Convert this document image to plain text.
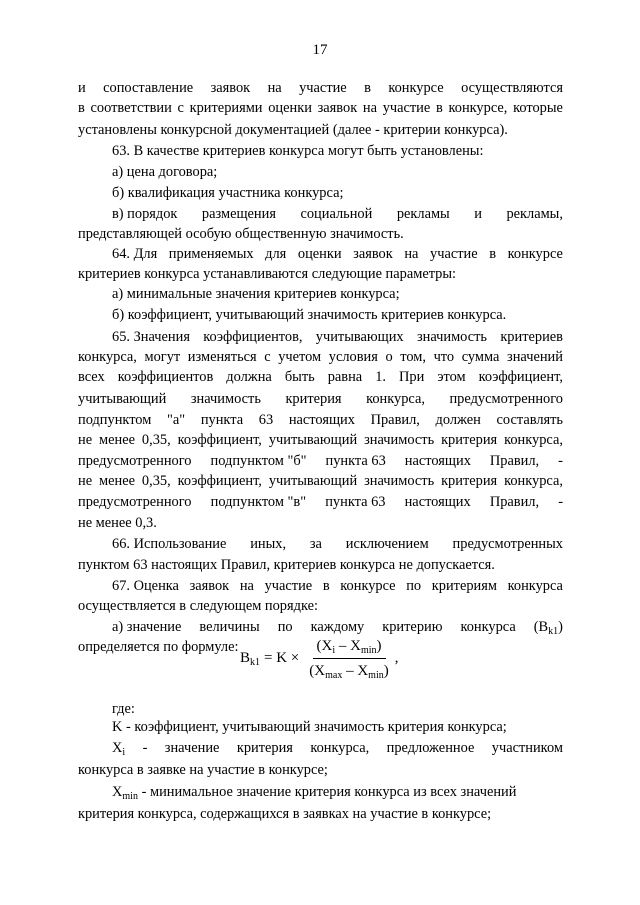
17
и сопоставление заявок на участие в конкурсе осуществляются
в соответствии с критериями оценки заявок на участие в конкурсе, которые
установлены конкурсной документацией (далее - критерии конкурса).
63. В качестве критериев конкурса могут быть установлены:
а) цена договора;
б) квалификация участника конкурса;
в) порядок размещения социальной рекламы и рекламы,
представляющей особую общественную значимость.
64. Для применяемых для оценки заявок на участие в конкурсе
критериев конкурса устанавливаются следующие параметры:
а) минимальные значения критериев конкурса;
б) коэффициент, учитывающий значимость критериев конкурса.
65. Значения коэффициентов, учитывающих значимость критериев
конкурса, могут изменяться с учетом условия о том, что сумма значений
всех коэффициентов должна быть равна 1. При этом коэффициент,
учитывающий значимость критерия конкурса, предусмотренного
подпунктом "а" пункта 63 настоящих Правил, должен составлять
не менее 0,35, коэффициент, учитывающий значимость критерия конкурса,
предусмотренного подпунктом "б" пункта 63 настоящих Правил, -
не менее 0,35, коэффициент, учитывающий значимость критерия конкурса,
предусмотренного подпунктом "в" пункта 63 настоящих Правил, -
не менее 0,3.
66. Использование иных, за исключением предусмотренных
пунктом 63 настоящих Правил, критериев конкурса не допускается.
67. Оценка заявок на участие в конкурсе по критериям конкурса
осуществляется в следующем порядке:
а) значение величины по каждому критерию конкурса $(B_{k1})$
определяется по формуле:
$B_{k1} = K \times \frac{(X_i - X_{min})}{(X_{max} - X_{min})}$ ,
где:
K - коэффициент, учитывающий значимость критерия конкурса;
$X_i$ - значение критерия конкурса, предложенное участником
конкурса в заявке на участие в конкурсе;
$X_{min}$ - минимальное значение критерия конкурса из всех значений
критерия конкурса, содержащихся в заявках на участие в конкурсе;
